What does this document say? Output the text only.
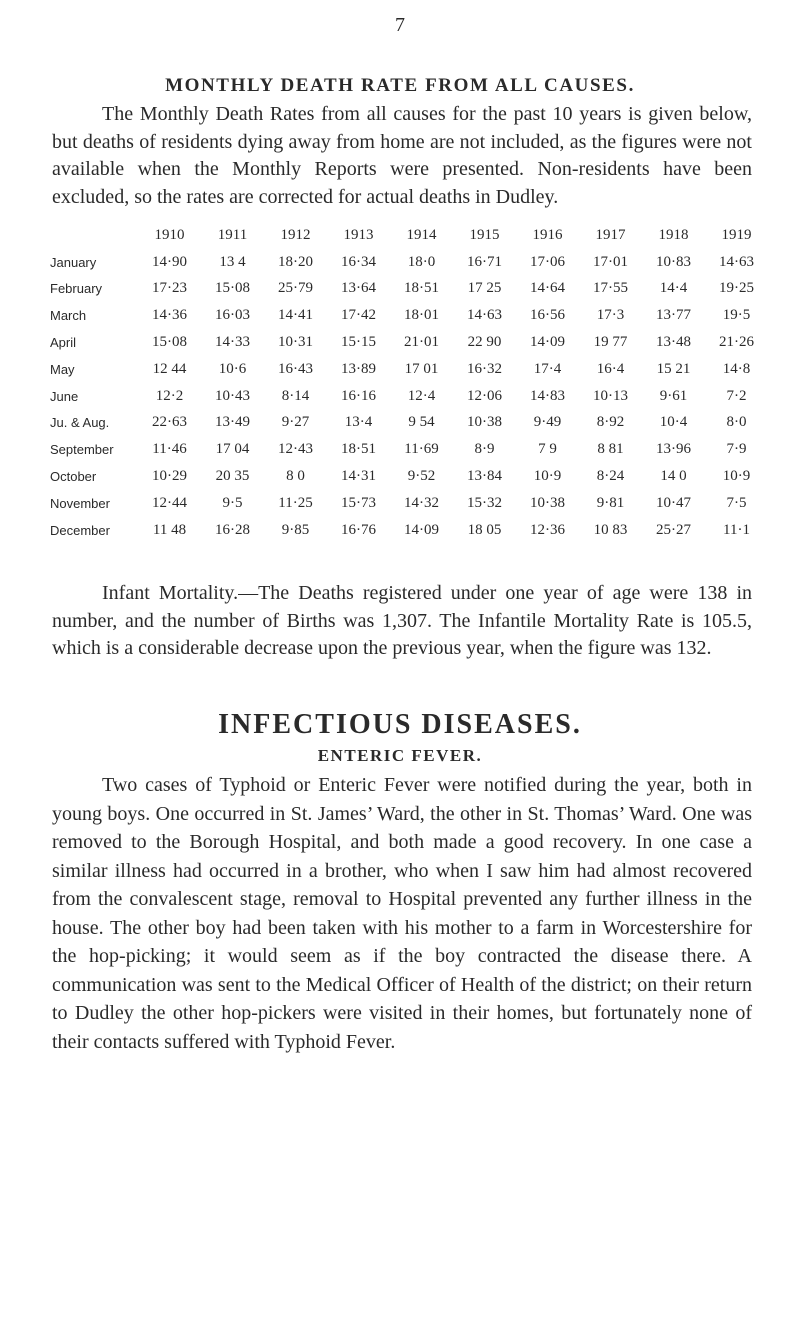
7
MONTHLY DEATH RATE FROM ALL CAUSES.

The Monthly Death Rates from all causes for the past 10 years is given below, but deaths of residents dying away from home are not included, as the figures were not available when the Monthly Reports were presented. Non-residents have been excluded, so the rates are corrected for actual deaths in Dudley.

	1910	1911	1912	1913	1914	1915	1916	1917	1918	1919
January	14·90	13 4	18·20	16·34	18·0	16·71	17·06	17·01	10·83	14·63
February	17·23	15·08	25·79	13·64	18·51	17 25	14·64	17·55	14·4	19·25
March	14·36	16·03	14·41	17·42	18·01	14·63	16·56	17·3	13·77	19·5
April	15·08	14·33	10·31	15·15	21·01	22 90	14·09	19 77	13·48	21·26
May	12 44	10·6	16·43	13·89	17 01	16·32	17·4	16·4	15 21	14·8
June	12·2	10·43	8·14	16·16	12·4	12·06	14·83	10·13	9·61	7·2
Ju. & Aug.	22·63	13·49	9·27	13·4	9 54	10·38	9·49	8·92	10·4	8·0
September	11·46	17 04	12·43	18·51	11·69	8·9	7 9	8 81	13·96	7·9
October	10·29	20 35	8 0	14·31	9·52	13·84	10·9	8·24	14 0	10·9
November	12·44	9·5	11·25	15·73	14·32	15·32	10·38	9·81	10·47	7·5
December	11 48	16·28	9·85	16·76	14·09	18 05	12·36	10 83	25·27	11·1

Infant Mortality.—The Deaths registered under one year of age were 138 in number, and the number of Births was 1,307. The Infantile Mortality Rate is 105.5, which is a considerable decrease upon the previous year, when the figure was 132.

INFECTIOUS DISEASES.
ENTERIC FEVER.

Two cases of Typhoid or Enteric Fever were notified during the year, both in young boys. One occurred in St. James’ Ward, the other in St. Thomas’ Ward. One was removed to the Borough Hospital, and both made a good recovery. In one case a similar illness had occurred in a brother, who when I saw him had almost recovered from the convalescent stage, removal to Hospital prevented any further illness in the house. The other boy had been taken with his mother to a farm in Worcestershire for the hop-picking; it would seem as if the boy contracted the disease there. A communication was sent to the Medical Officer of Health of the district; on their return to Dudley the other hop-pickers were visited in their homes, but fortunately none of their contacts suffered with Typhoid Fever.
